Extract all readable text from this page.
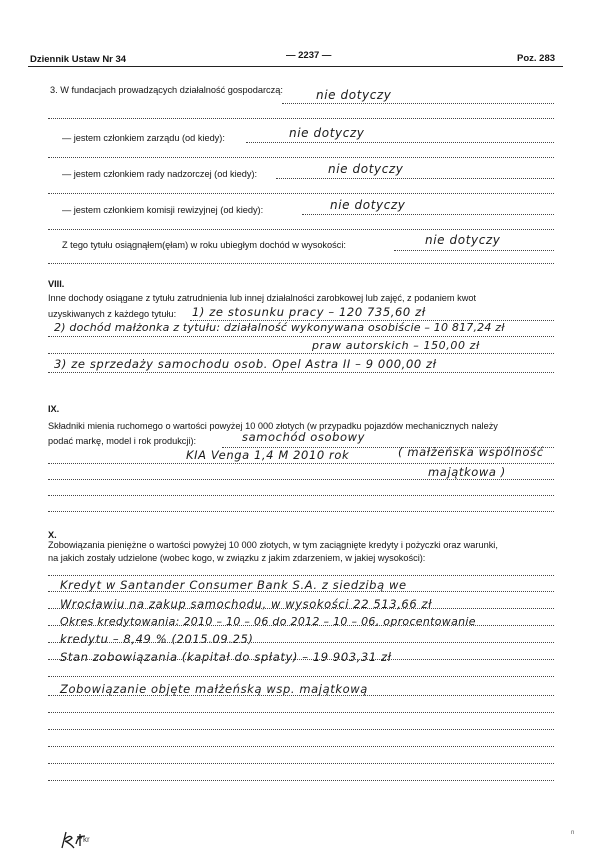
Dziennik Ustaw Nr 34	— 2237 —	Poz. 283
3. W fundacjach prowadzących działalność gospodarczą:	nie dotyczy
— jestem członkiem zarządu (od kiedy):	nie dotyczy
— jestem członkiem rady nadzorczej (od kiedy):	nie dotyczy
— jestem członkiem komisji rewizyjnej (od kiedy):	nie dotyczy
Z tego tytułu osiągnąłem(ęłam) w roku ubiegłym dochód w wysokości:	nie dotyczy
VIII.
Inne dochody osiągane z tytułu zatrudnienia lub innej działalności zarobkowej lub zajęć, z podaniem kwot
uzyskiwanych z każdego tytułu: 1) ze stosunku pracy – 120 735,60 zł
2) dochód małżonka z tytułu: działalność wykonywana osobiście – 10 817,24 zł
praw autorskich – 150,00 zł
3) ze sprzedaży samochodu osob. Opel Astra II – 9 000,00 zł
IX.
Składniki mienia ruchomego o wartości powyżej 10 000 złotych (w przypadku pojazdów mechanicznych należy
podać markę, model i rok produkcji):	samochód osobowy
KIA Venga 1,4 M 2010 rok	( małżeńska wspólność
majątkowa )
X.
Zobowiązania pieniężne o wartości powyżej 10 000 złotych, w tym zaciągnięte kredyty i pożyczki oraz warunki,
na jakich zostały udzielone (wobec kogo, w związku z jakim zdarzeniem, w jakiej wysokości):
Kredyt w Santander Consumer Bank S.A. z siedzibą we
Wrocławiu na zakup samochodu, w wysokości 22 513,66 zł
Okres kredytowania: 2010 – 10 – 06 do 2012 – 10 – 06, oprocentowanie
kredytu – 8,49 % (2015.09.25)
Stan zobowiązania (kapitał do spłaty) – 19 903,31 zł
Zobowiązanie objęte małżeńską wsp. majątkową
kr
n
